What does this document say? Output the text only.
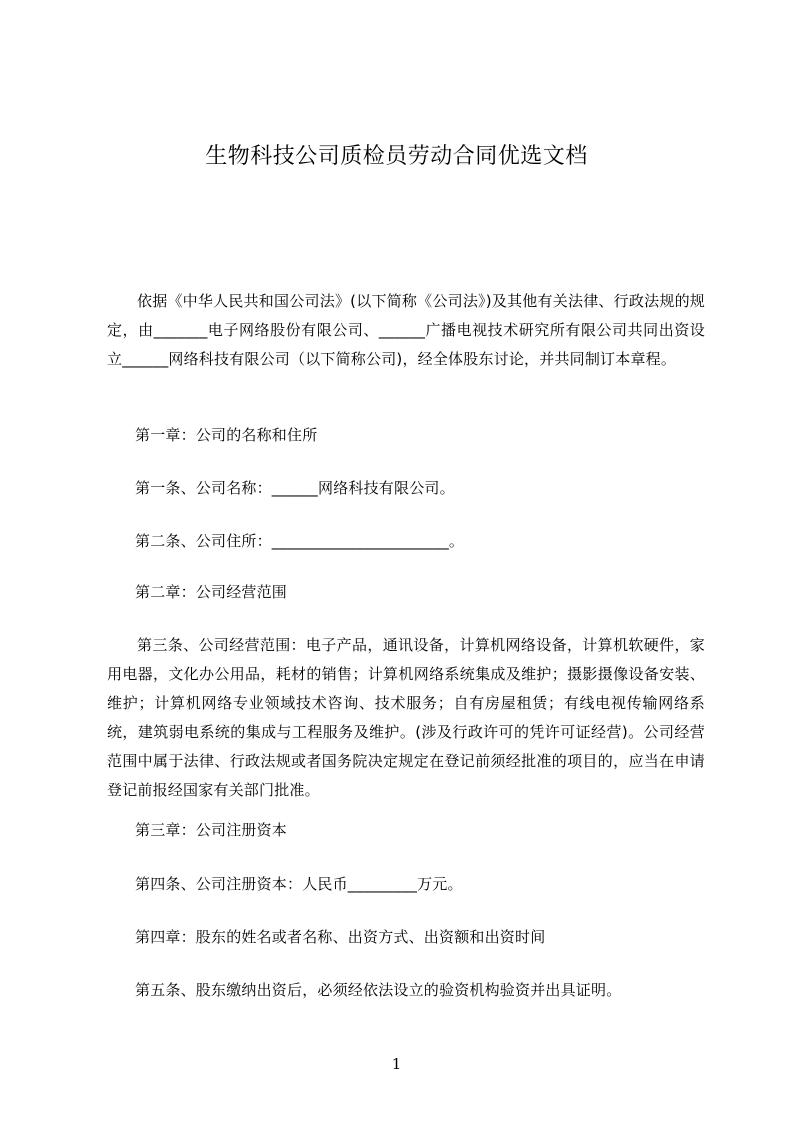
生物科技公司质检员劳动合同优选文档

依据《中华人民共和国公司法》(以下简称《公司法》)及其他有关法律、行政法规的规定，由_______电子网络股份有限公司、______广播电视技术研究所有限公司共同出资设立______网络科技有限公司（以下简称公司)，经全体股东讨论，并共同制订本章程。

第一章：公司的名称和住所

第一条、公司名称：______网络科技有限公司。

第二条、公司住所：_______________________。

第二章：公司经营范围

第三条、公司经营范围：电子产品，通讯设备，计算机网络设备，计算机软硬件，家用电器，文化办公用品，耗材的销售；计算机网络系统集成及维护；摄影摄像设备安装、维护；计算机网络专业领域技术咨询、技术服务；自有房屋租赁；有线电视传输网络系统，建筑弱电系统的集成与工程服务及维护。(涉及行政许可的凭许可证经营)。公司经营范围中属于法律、行政法规或者国务院决定规定在登记前须经批准的项目的，应当在申请登记前报经国家有关部门批准。

第三章：公司注册资本

第四条、公司注册资本：人民币_________万元。

第四章：股东的姓名或者名称、出资方式、出资额和出资时间

第五条、股东缴纳出资后，必须经依法设立的验资机构验资并出具证明。

1
